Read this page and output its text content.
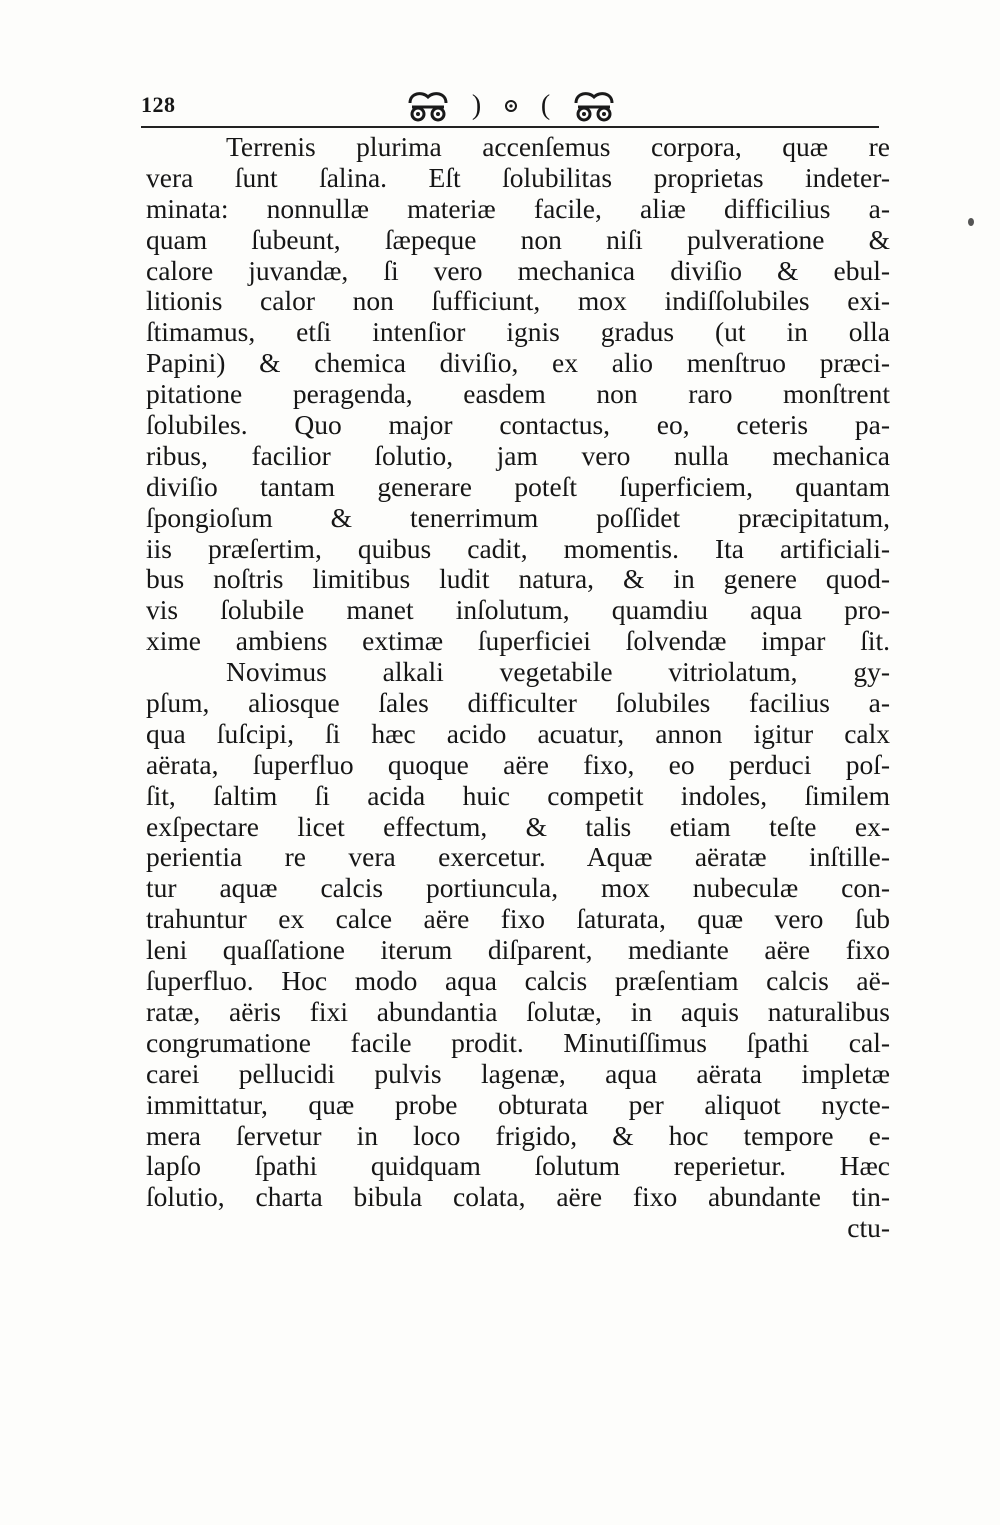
128	) (
Terrenis plurima accenſemus corpora, quæ re
vera ſunt ſalina. Eſt ſolubilitas proprietas indeter-
minata: nonnullæ materiæ facile, aliæ difficilius a-
quam ſubeunt, ſæpeque non niſi pulveratione &
calore juvandæ, ſi vero mechanica diviſio & ebul-
litionis calor non ſufficiunt, mox indiſſolubiles exi-
ſtimamus, etſi intenſior ignis gradus (ut in olla
Papini) & chemica diviſio, ex alio menſtruo præci-
pitatione peragenda, easdem non raro monſtrent
ſolubiles. Quo major contactus, eo, ceteris pa-
ribus, facilior ſolutio, jam vero nulla mechanica
diviſio tantam generare poteſt ſuperficiem, quantam
ſpongioſum & tenerrimum poſſidet præcipitatum,
iis præſertim, quibus cadit, momentis. Ita artificiali-
bus noſtris limitibus ludit natura, & in genere quod-
vis ſolubile manet inſolutum, quamdiu aqua pro-
xime ambiens extimæ ſuperficiei ſolvendæ impar ſit.
Novimus alkali vegetabile vitriolatum, gy-
pſum, aliosque ſales difficulter ſolubiles facilius a-
qua ſuſcipi, ſi hæc acido acuatur, annon igitur calx
aërata, ſuperfluo quoque aëre fixo, eo perduci poſ-
ſit, ſaltim ſi acida huic competit indoles, ſimilem
exſpectare licet effectum, & talis etiam teſte ex-
perientia re vera exercetur. Aquæ aëratæ inſtille-
tur aquæ calcis portiuncula, mox nubeculæ con-
trahuntur ex calce aëre fixo ſaturata, quæ vero ſub
leni quaſſatione iterum diſparent, mediante aëre fixo
ſuperfluo. Hoc modo aqua calcis præſentiam calcis aë-
ratæ, aëris fixi abundantia ſolutæ, in aquis naturalibus
congrumatione facile prodit. Minutiſſimus ſpathi cal-
carei pellucidi pulvis lagenæ, aqua aërata impletæ
immittatur, quæ probe obturata per aliquot nycte-
mera ſervetur in loco frigido, & hoc tempore e-
lapſo ſpathi quidquam ſolutum reperietur. Hæc
ſolutio, charta bibula colata, aëre fixo abundante tin-
ctu-
